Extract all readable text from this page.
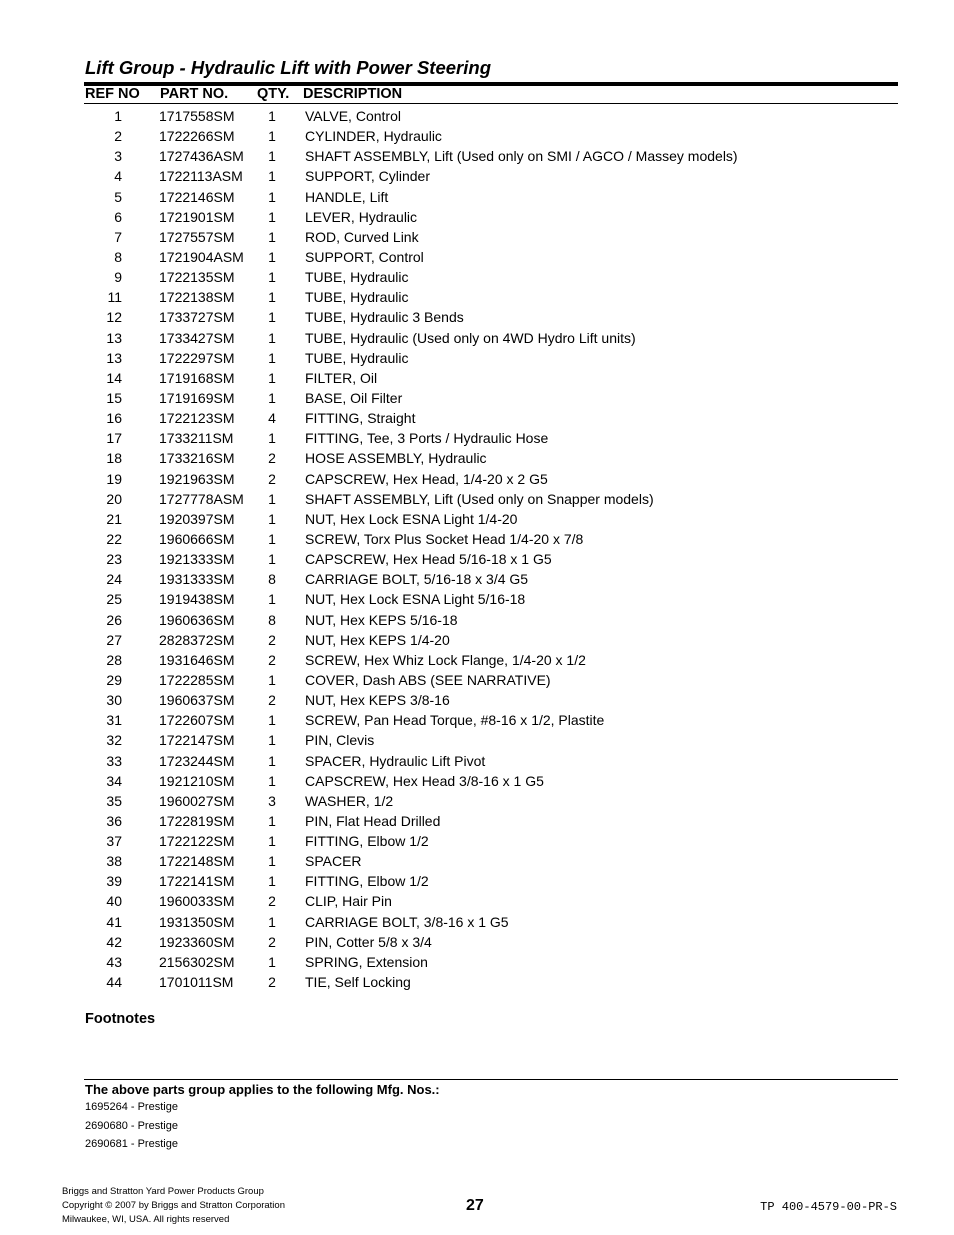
Lift Group - Hydraulic Lift with Power Steering
REF NO PART NO. QTY. DESCRIPTION
1	1717558SM 1 VALVE, Control
2	1722266SM 1 CYLINDER, Hydraulic
3	1727436ASM 1 SHAFT ASSEMBLY, Lift (Used only on SMI / AGCO / Massey models)
4	1722113ASM 1 SUPPORT, Cylinder
5	1722146SM 1 HANDLE, Lift
6	1721901SM 1 LEVER, Hydraulic
7	1727557SM 1 ROD, Curved Link
8	1721904ASM 1 SUPPORT, Control
9	1722135SM 1 TUBE, Hydraulic
11	1722138SM 1 TUBE, Hydraulic
12	1733727SM 1 TUBE, Hydraulic 3 Bends
13	1733427SM 1 TUBE, Hydraulic (Used only on 4WD Hydro Lift units)
13	1722297SM 1 TUBE, Hydraulic
14	1719168SM 1 FILTER, Oil
15	1719169SM 1 BASE, Oil Filter
16	1722123SM 4 FITTING, Straight
17	1733211SM 1 FITTING, Tee, 3 Ports / Hydraulic Hose
18	1733216SM 2 HOSE ASSEMBLY, Hydraulic
19	1921963SM 2 CAPSCREW, Hex Head, 1/4-20 x 2 G5
20	1727778ASM 1 SHAFT ASSEMBLY, Lift (Used only on Snapper models)
21	1920397SM 1 NUT, Hex Lock ESNA Light 1/4-20
22	1960666SM 1 SCREW, Torx Plus Socket Head 1/4-20 x 7/8
23	1921333SM 1 CAPSCREW, Hex Head 5/16-18 x 1 G5
24	1931333SM 8 CARRIAGE BOLT, 5/16-18 x 3/4 G5
25	1919438SM 1 NUT, Hex Lock ESNA Light 5/16-18
26	1960636SM 8 NUT, Hex KEPS 5/16-18
27	2828372SM 2 NUT, Hex KEPS 1/4-20
28	1931646SM 2 SCREW, Hex Whiz Lock Flange, 1/4-20 x 1/2
29	1722285SM 1 COVER, Dash ABS (SEE NARRATIVE)
30	1960637SM 2 NUT, Hex KEPS 3/8-16
31	1722607SM 1 SCREW, Pan Head Torque, #8-16 x 1/2, Plastite
32	1722147SM 1 PIN, Clevis
33	1723244SM 1 SPACER, Hydraulic Lift Pivot
34	1921210SM 1 CAPSCREW, Hex Head 3/8-16 x 1 G5
35	1960027SM 3 WASHER, 1/2
36	1722819SM 1 PIN, Flat Head Drilled
37	1722122SM 1 FITTING, Elbow 1/2
38	1722148SM 1 SPACER
39	1722141SM 1 FITTING, Elbow 1/2
40	1960033SM 2 CLIP, Hair Pin
41	1931350SM 1 CARRIAGE BOLT, 3/8-16 x 1 G5
42	1923360SM 2 PIN, Cotter 5/8 x 3/4
43	2156302SM 1 SPRING, Extension
44	1701011SM 2 TIE, Self Locking
Footnotes
The above parts group applies to the following Mfg. Nos.:
1695264 - Prestige
2690680 - Prestige
2690681 - Prestige
Briggs and Stratton Yard Power Products Group
Copyright © 2007 by Briggs and Stratton Corporation
Milwaukee, WI, USA. All rights reserved
27	TP 400-4579-00-PR-S
